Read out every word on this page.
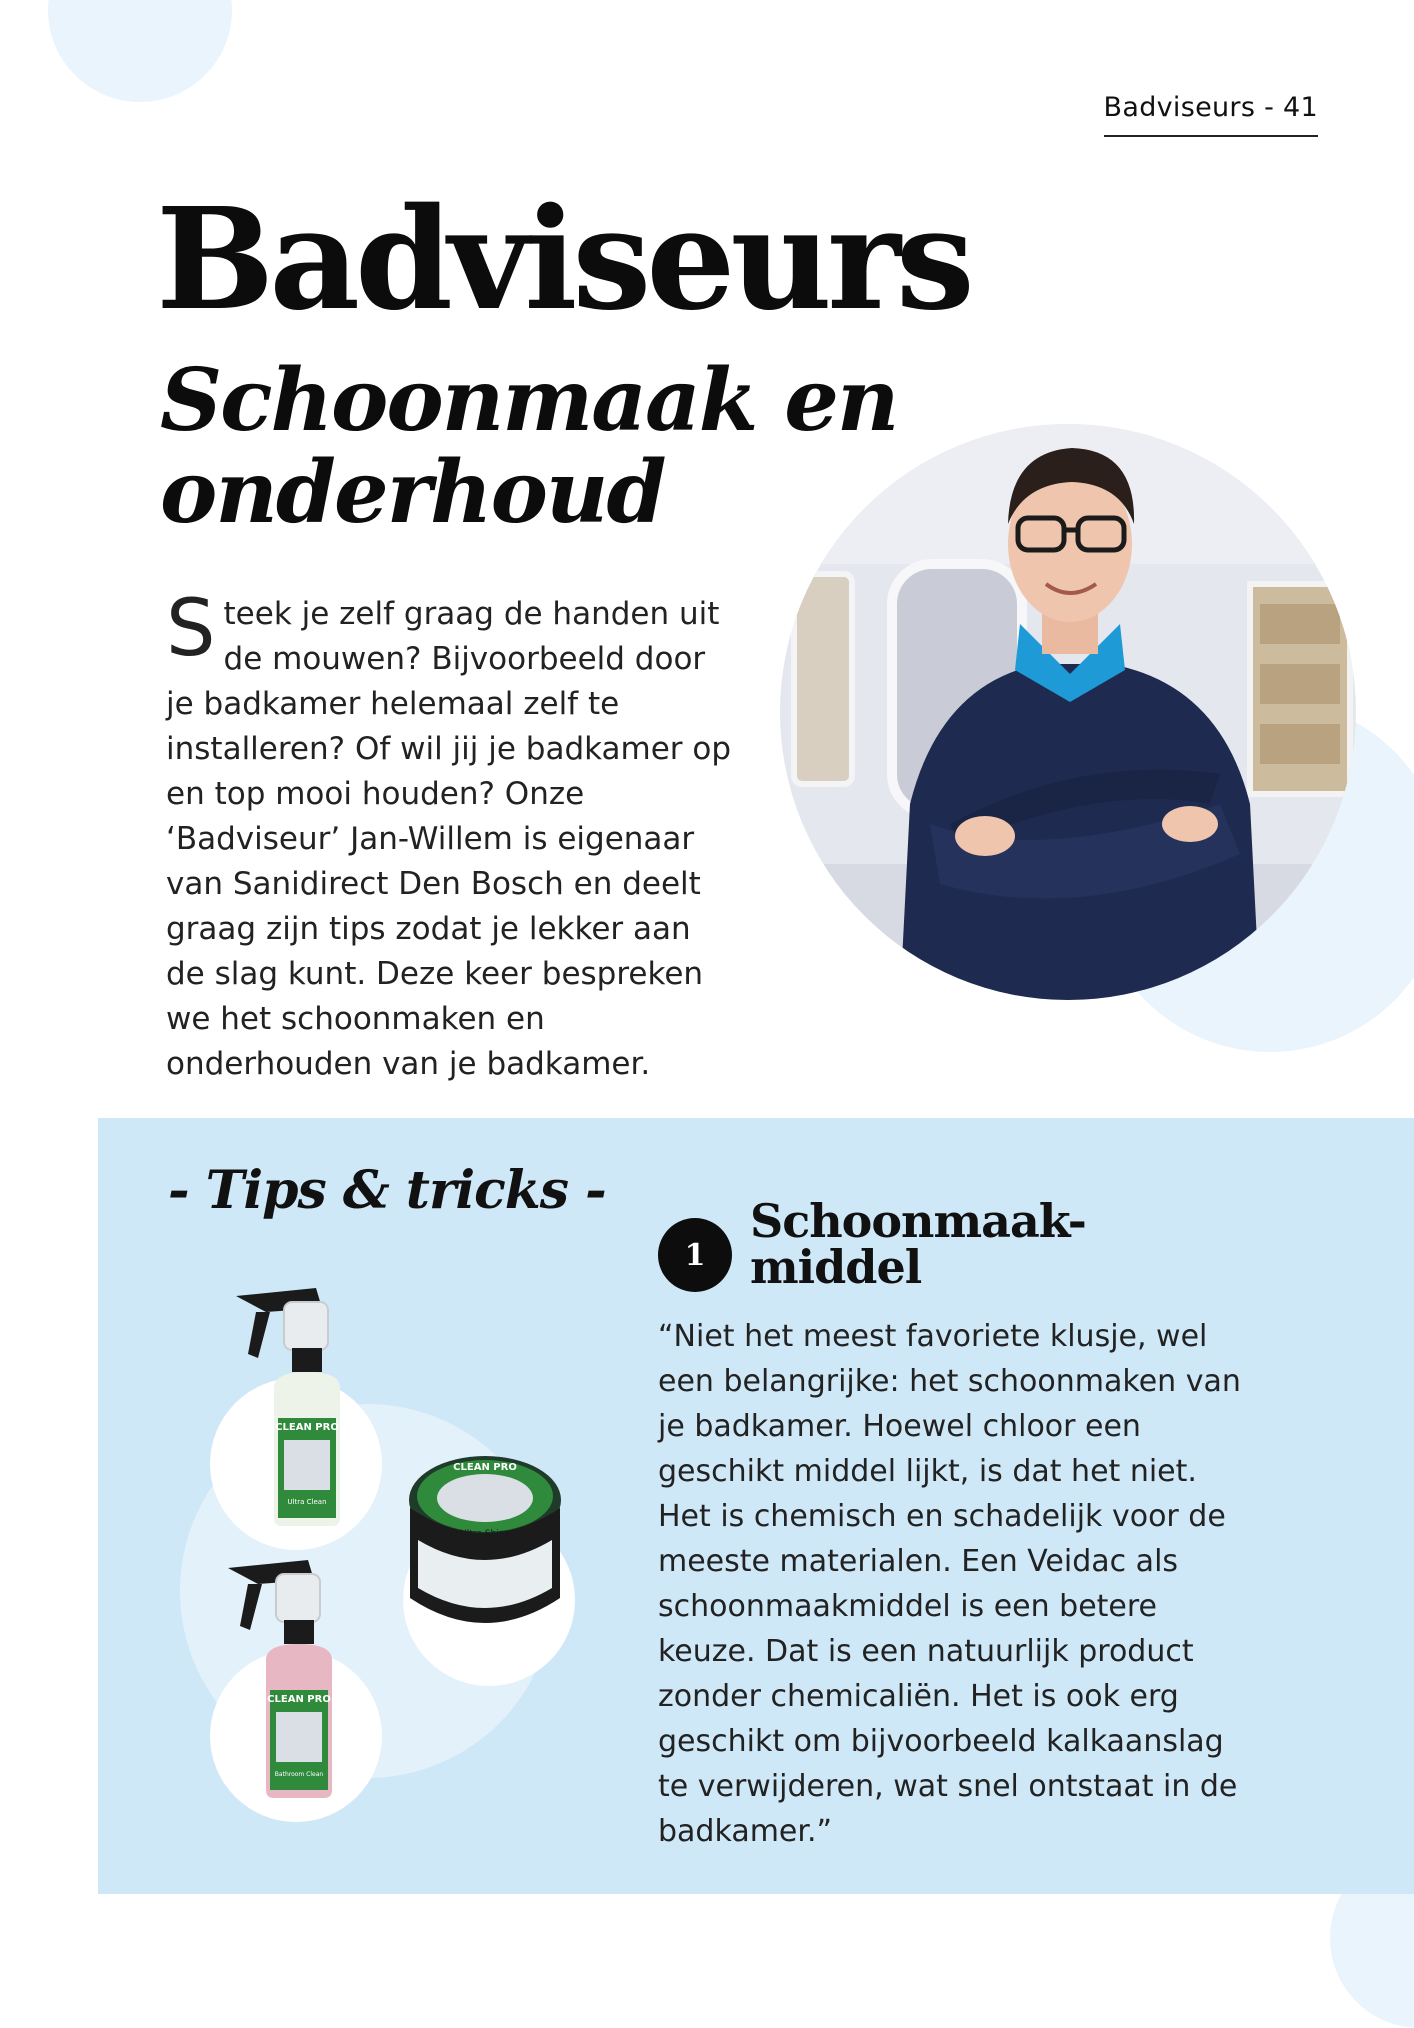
Badviseurs - 41
Badviseurs
Schoonmaak en
onderhoud

Steek je zelf graag de handen uit de mouwen? Bijvoorbeeld door je badkamer helemaal zelf te installeren? Of wil jij je badkamer op en top mooi houden? Onze ‘Badviseur’ Jan-Willem is eigenaar van Sanidirect Den Bosch en deelt graag zijn tips zodat je lekker aan de slag kunt. Deze keer bespreken we het schoonmaken en onderhouden van je badkamer.

- Tips & tricks -
CLEAN PRO
Ultra Clean
CLEAN PRO
Bathroom Clean
CLEAN PRO
Ultra Shine
1
Schoonmaak-
middel

“Niet het meest favoriete klusje, wel een belangrijke: het schoonmaken van je badkamer. Hoewel chloor een geschikt middel lijkt, is dat het niet. Het is chemisch en schadelijk voor de meeste materialen. Een Veidac als schoonmaakmiddel is een betere keuze. Dat is een natuurlijk product zonder chemicaliën. Het is ook erg geschikt om bijvoorbeeld kalkaanslag te verwijderen, wat snel ontstaat in de badkamer.”
